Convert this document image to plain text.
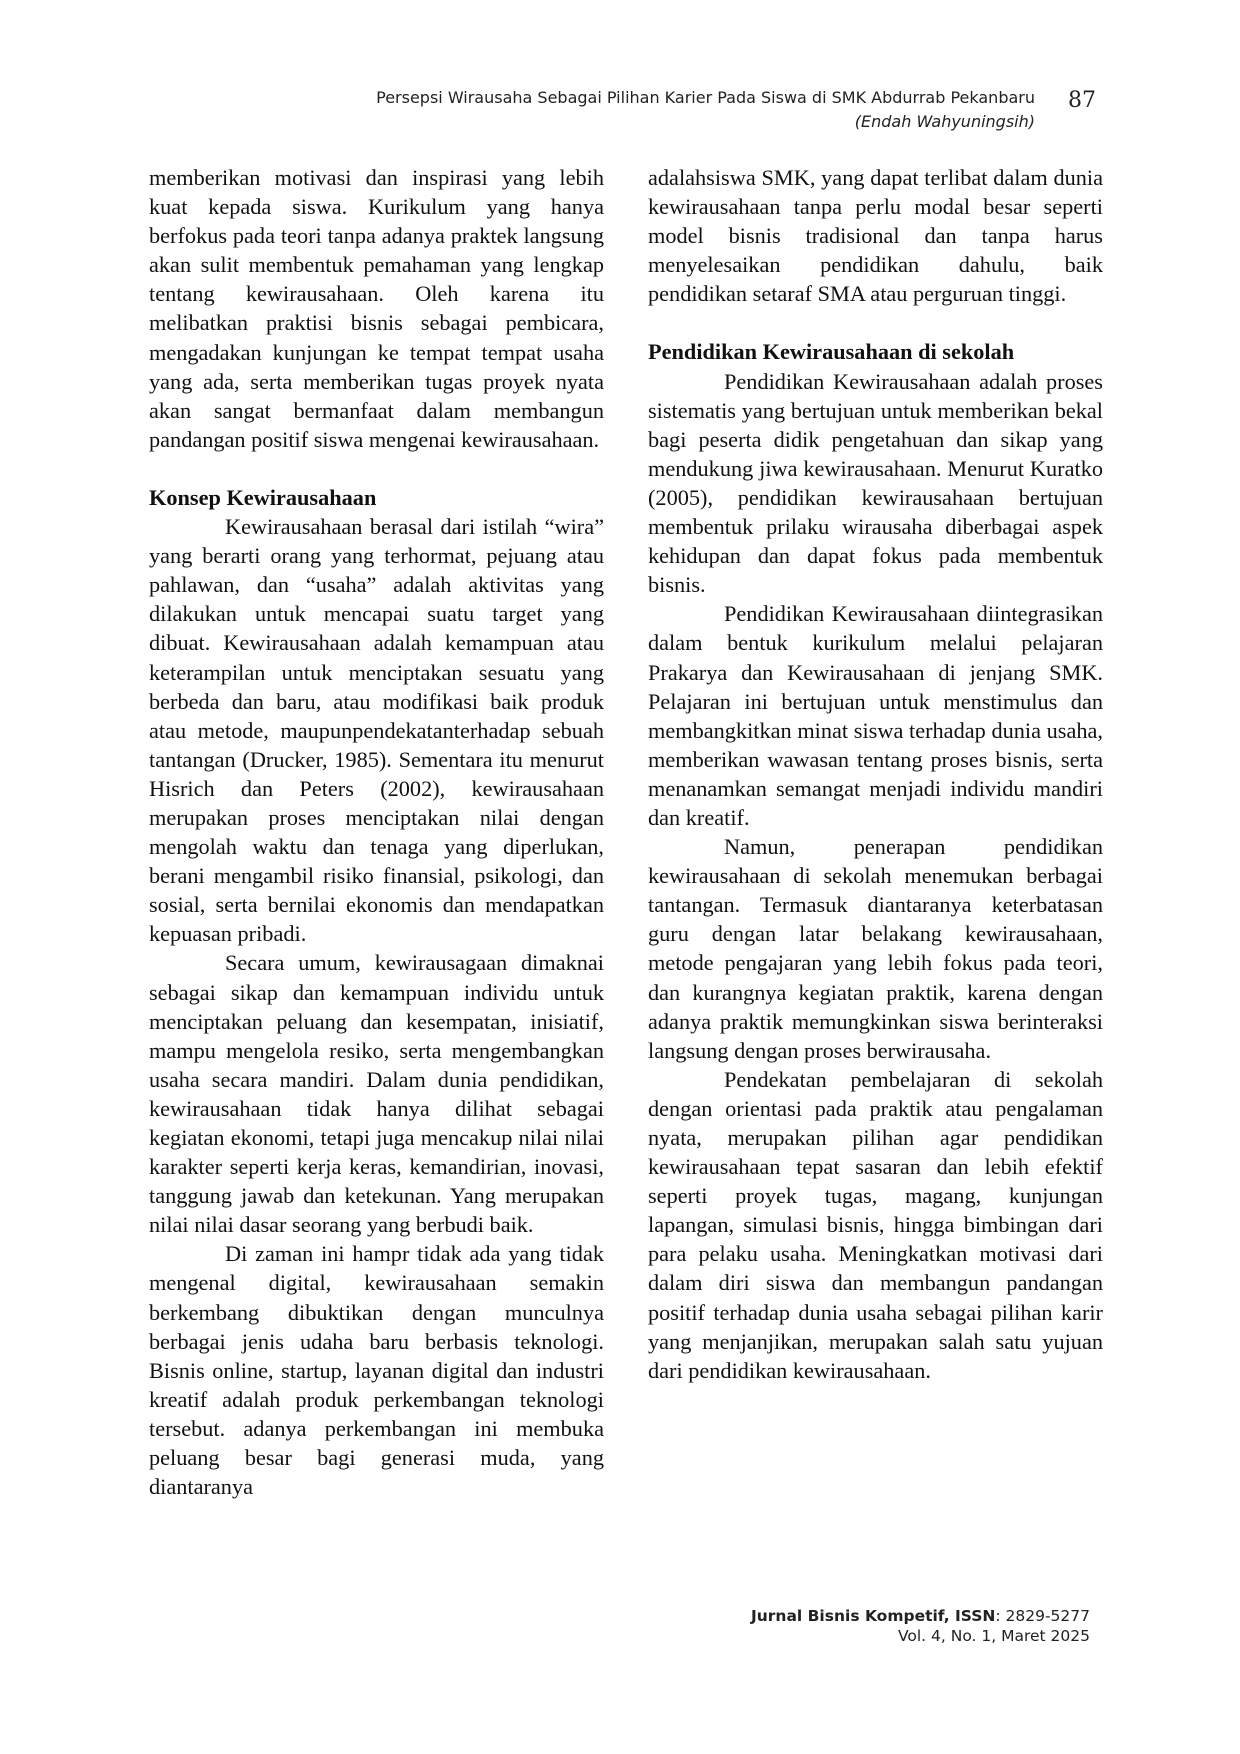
Persepsi Wirausaha Sebagai Pilihan Karier Pada Siswa di SMK Abdurrab Pekanbaru
(Endah Wahyuningsih)
87

memberikan motivasi dan inspirasi yang lebih kuat kepada siswa. Kurikulum yang hanya berfokus pada teori tanpa adanya praktek langsung akan sulit membentuk pemahaman yang lengkap tentang kewirausahaan. Oleh karena itu melibatkan praktisi bisnis sebagai pembicara, mengadakan kunjungan ke tempat tempat usaha yang ada, serta memberikan tugas proyek nyata akan sangat bermanfaat dalam membangun pandangan positif siswa mengenai kewirausahaan.

Konsep Kewirausahaan

Kewirausahaan berasal dari istilah “wira” yang berarti orang yang terhormat, pejuang atau pahlawan, dan “usaha” adalah aktivitas yang dilakukan untuk mencapai suatu target yang dibuat. Kewirausahaan adalah kemampuan atau keterampilan untuk menciptakan sesuatu yang berbeda dan baru, atau modifikasi baik produk atau metode, maupunpendekatanterhadap sebuah tantangan (Drucker, 1985). Sementara itu menurut Hisrich dan Peters (2002), kewirausahaan merupakan proses menciptakan nilai dengan mengolah waktu dan tenaga yang diperlukan, berani mengambil risiko finansial, psikologi, dan sosial, serta bernilai ekonomis dan mendapatkan kepuasan pribadi.

Secara umum, kewirausagaan dimaknai sebagai sikap dan kemampuan individu untuk menciptakan peluang dan kesempatan, inisiatif, mampu mengelola resiko, serta mengembangkan usaha secara mandiri. Dalam dunia pendidikan, kewirausahaan tidak hanya dilihat sebagai kegiatan ekonomi, tetapi juga mencakup nilai nilai karakter seperti kerja keras, kemandirian, inovasi, tanggung jawab dan ketekunan. Yang merupakan nilai nilai dasar seorang yang berbudi baik.

Di zaman ini hampr tidak ada yang tidak mengenal digital, kewirausahaan semakin berkembang dibuktikan dengan munculnya berbagai jenis udaha baru berbasis teknologi. Bisnis online, startup, layanan digital dan industri kreatif adalah produk perkembangan teknologi tersebut. adanya perkembangan ini membuka peluang besar bagi generasi muda, yang diantaranya

adalahsiswa SMK, yang dapat terlibat dalam dunia kewirausahaan tanpa perlu modal besar seperti model bisnis tradisional dan tanpa harus menyelesaikan pendidikan dahulu, baik pendidikan setaraf SMA atau perguruan tinggi.

Pendidikan Kewirausahaan di sekolah

Pendidikan Kewirausahaan adalah proses sistematis yang bertujuan untuk memberikan bekal bagi peserta didik pengetahuan dan sikap yang mendukung jiwa kewirausahaan. Menurut Kuratko (2005), pendidikan kewirausahaan bertujuan membentuk prilaku wirausaha diberbagai aspek kehidupan dan dapat fokus pada membentuk bisnis.

Pendidikan Kewirausahaan diintegrasikan dalam bentuk kurikulum melalui pelajaran Prakarya dan Kewirausahaan di jenjang SMK. Pelajaran ini bertujuan untuk menstimulus dan membangkitkan minat siswa terhadap dunia usaha, memberikan wawasan tentang proses bisnis, serta menanamkan semangat menjadi individu mandiri dan kreatif.

Namun, penerapan pendidikan kewirausahaan di sekolah menemukan berbagai tantangan. Termasuk diantaranya keterbatasan guru dengan latar belakang kewirausahaan, metode pengajaran yang lebih fokus pada teori, dan kurangnya kegiatan praktik, karena dengan adanya praktik memungkinkan siswa berinteraksi langsung dengan proses berwirausaha.

Pendekatan pembelajaran di sekolah dengan orientasi pada praktik atau pengalaman nyata, merupakan pilihan agar pendidikan kewirausahaan tepat sasaran dan lebih efektif seperti proyek tugas, magang, kunjungan lapangan, simulasi bisnis, hingga bimbingan dari para pelaku usaha. Meningkatkan motivasi dari dalam diri siswa dan membangun pandangan positif terhadap dunia usaha sebagai pilihan karir yang menjanjikan, merupakan salah satu yujuan dari pendidikan kewirausahaan.

Jurnal Bisnis Kompetif, ISSN: 2829-5277
Vol. 4, No. 1, Maret 2025
